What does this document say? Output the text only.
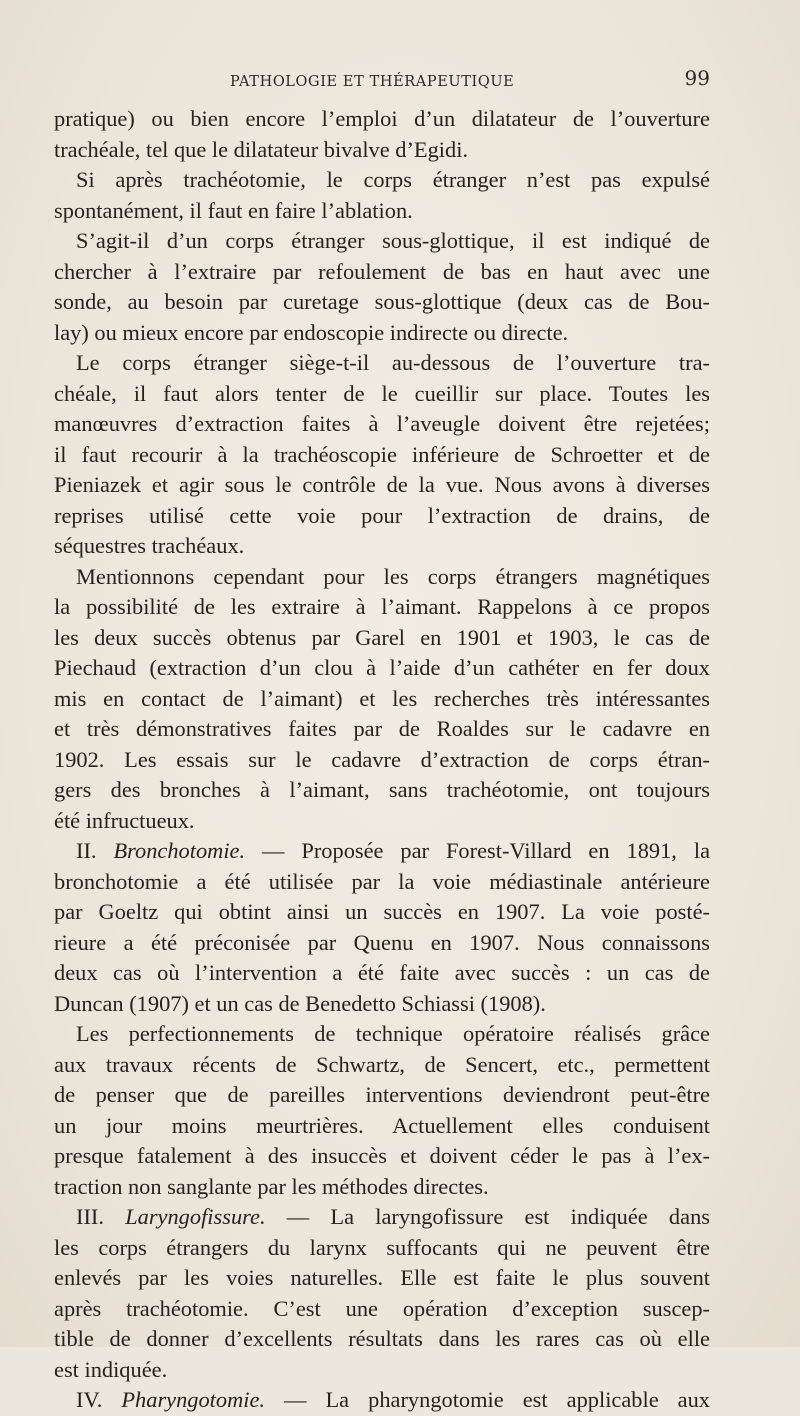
PATHOLOGIE ET THÉRAPEUTIQUE	99
pratique) ou bien encore l’emploi d’un dilatateur de l’ouverture
trachéale, tel que le dilatateur bivalve d’Egidi.
Si après trachéotomie, le corps étranger n’est pas expulsé
spontanément, il faut en faire l’ablation.
S’agit-il d’un corps étranger sous-glottique, il est indiqué de
chercher à l’extraire par refoulement de bas en haut avec une
sonde, au besoin par curetage sous-glottique (deux cas de Bou-
lay) ou mieux encore par endoscopie indirecte ou directe.
Le corps étranger siège-t-il au-dessous de l’ouverture tra-
chéale, il faut alors tenter de le cueillir sur place. Toutes les
manœuvres d’extraction faites à l’aveugle doivent être rejetées;
il faut recourir à la trachéoscopie inférieure de Schroetter et de
Pieniazek et agir sous le contrôle de la vue. Nous avons à diverses
reprises utilisé cette voie pour l’extraction de drains, de
séquestres trachéaux.
Mentionnons cependant pour les corps étrangers magnétiques
la possibilité de les extraire à l’aimant. Rappelons à ce propos
les deux succès obtenus par Garel en 1901 et 1903, le cas de
Piechaud (extraction d’un clou à l’aide d’un cathéter en fer doux
mis en contact de l’aimant) et les recherches très intéressantes
et très démonstratives faites par de Roaldes sur le cadavre en
1902. Les essais sur le cadavre d’extraction de corps étran-
gers des bronches à l’aimant, sans trachéotomie, ont toujours
été infructueux.
II. Bronchotomie. — Proposée par Forest-Villard en 1891, la
bronchotomie a été utilisée par la voie médiastinale antérieure
par Goeltz qui obtint ainsi un succès en 1907. La voie posté-
rieure a été préconisée par Quenu en 1907. Nous connaissons
deux cas où l’intervention a été faite avec succès : un cas de
Duncan (1907) et un cas de Benedetto Schiassi (1908).
Les perfectionnements de technique opératoire réalisés grâce
aux travaux récents de Schwartz, de Sencert, etc., permettent
de penser que de pareilles interventions deviendront peut-être
un jour moins meurtrières. Actuellement elles conduisent
presque fatalement à des insuccès et doivent céder le pas à l’ex-
traction non sanglante par les méthodes directes.
III. Laryngofissure. — La laryngofissure est indiquée dans
les corps étrangers du larynx suffocants qui ne peuvent être
enlevés par les voies naturelles. Elle est faite le plus souvent
après trachéotomie. C’est une opération d’exception suscep-
tible de donner d’excellents résultats dans les rares cas où elle
est indiquée.
IV. Pharyngotomie. — La pharyngotomie est applicable aux
